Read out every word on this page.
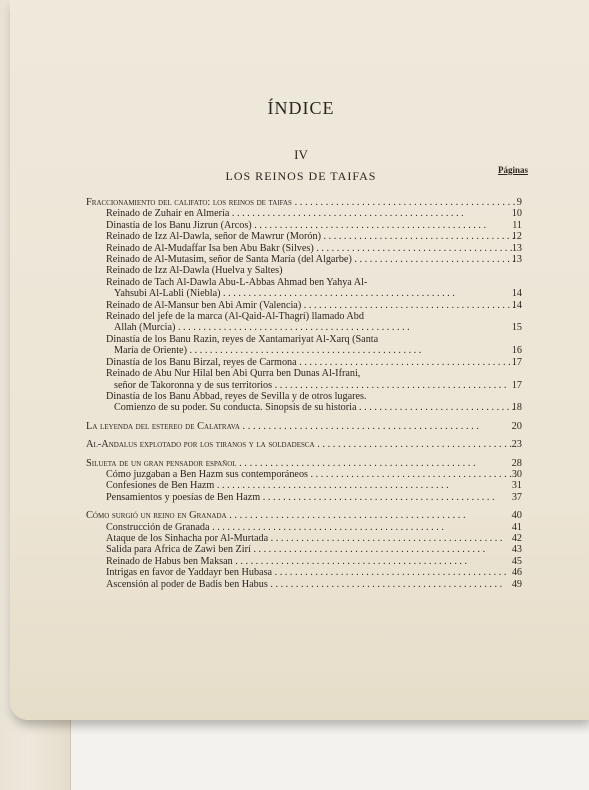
ÍNDICE
IV
LOS REINOS DE TAIFAS	Páginas
Fraccionamiento del califato: los reinos de taifas . . .	9
Reinado de Zuhair en Almería . . .	10
Dinastía de los Banu Jizrun (Arcos) . . .	11
Reinado de Izz Al-Dawla, señor de Mawrur (Morón) . . .	12
Reinado de Al-Mudaffar Isa ben Abu Bakr (Silves) . . .	13
Reinado de Al-Mutasim, señor de Santa María (del Algarbe) . . .	13
Reinado de Izz Al-Dawla (Huelva y Saltes)
Reinado de Tach Al-Dawla Abu-L-Abbas Ahmad ben Yahya Al-
Yahsubi Al-Labli (Niebla) . . .	14
Reinado de Al-Mansur ben Abi Amir (Valencia) . . .	14
Reinado del jefe de la marca (Al-Qaid-Al-Thagrí) llamado Abd
Allah (Murcia) . . .	15
Dinastía de los Banu Razin, reyes de Xantamariyat Al-Xarq (Santa
María de Oriente) . . .	16
Dinastía de los Banu Birzal, reyes de Carmona . . .	17
Reinado de Abu Nur Hilal ben Abi Qurra ben Dunas Al-Ifrani,
señor de Takoronna y de sus territorios . . .	17
Dinastía de los Banu Abbad, reyes de Sevilla y de otros lugares.
Comienzo de su poder. Su conducta. Sinopsis de su historia . . .	18
La leyenda del estereo de Calatrava . . .	20
Al-Andalus explotado por los tiranos y la soldadesca . . .	23
Silueta de un gran pensador español . . .	28
Cómo juzgaban a Ben Hazm sus contemporáneos . . .	30
Confesiones de Ben Hazm . . .	31
Pensamientos y poesías de Ben Hazm . . .	37
Cómo surgió un reino en Granada . . .	40
Construcción de Granada . . .	41
Ataque de los Sinhacha por Al-Murtada . . .	42
Salida para África de Zawi ben Zirí . . .	43
Reinado de Habus ben Maksan . . .	45
Intrigas en favor de Yaddayr ben Hubasa . . .	46
Ascensión al poder de Badis ben Habus . . .	49
